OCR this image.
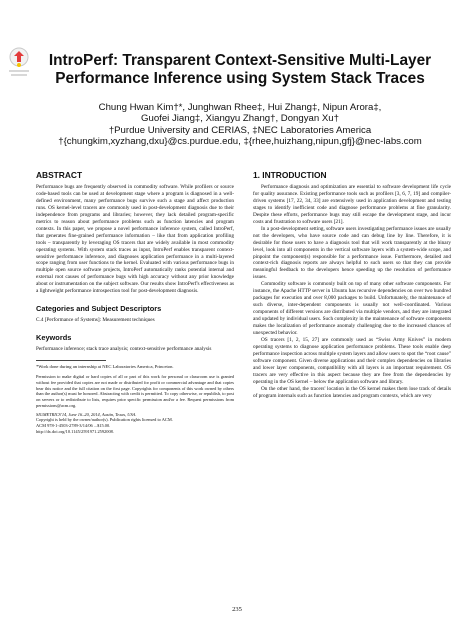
IntroPerf: Transparent Context-Sensitive Multi-Layer
Performance Inference using System Stack Traces
Chung Hwan Kim†*, Junghwan Rhee‡, Hui Zhang‡, Nipun Arora‡,
Guofei Jiang‡, Xiangyu Zhang†, Dongyan Xu†
†Purdue University and CERIAS, ‡NEC Laboratories America
†{chungkim,xyzhang,dxu}@cs.purdue.edu, ‡{rhee,huizhang,nipun,gfj}@nec-labs.com
ABSTRACT

Performance bugs are frequently observed in commodity software. While profilers or source code-based tools can be used at development stage where a program is diagnosed in a well-defined environment, many performance bugs survive such a stage and affect production runs. OS kernel-level tracers are commonly used in post-development diagnosis due to their independence from programs and libraries; however, they lack detailed program-specific metrics to reason about performance problems such as function latencies and program contexts. In this paper, we propose a novel performance inference system, called IntroPerf, that generates fine-grained performance information – like that from application profiling tools – transparently by leveraging OS tracers that are widely available in most commodity operating systems. With system stack traces as input, IntroPerf enables transparent context-sensitive performance inference, and diagnoses application performance in a multi-layered scope ranging from user functions to the kernel. Evaluated with various performance bugs in multiple open source software projects, IntroPerf automatically ranks potential internal and external root causes of performance bugs with high accuracy without any prior knowledge about or instrumentation on the subject software. Our results show IntroPerf's effectiveness as a lightweight performance introspection tool for post-development diagnosis.

Categories and Subject Descriptors

C.4 [Performance of Systems]: Measurement techniques

Keywords

Performance inference; stack trace analysis; context-sensitive performance analysis

*Work done during an internship at NEC Laboratories America, Princeton.

Permission to make digital or hard copies of all or part of this work for personal or classroom use is granted without fee provided that copies are not made or distributed for profit or commercial advantage and that copies bear this notice and the full citation on the first page. Copyrights for components of this work owned by others than the author(s) must be honored. Abstracting with credit is permitted. To copy otherwise, or republish, to post on servers or to redistribute to lists, requires prior specific permission and/or a fee. Request permissions from permissions@acm.org.

SIGMETRICS'14, June 16–20, 2014, Austin, Texas, USA.
Copyright is held by the owner/author(s). Publication rights licensed to ACM.
ACM 978-1-4503-2789-3/14/06 ...$15.00.
http://dx.doi.org/10.1145/2591971.2592008.
1. INTRODUCTION

Performance diagnosis and optimization are essential to software development life cycle for quality assurance. Existing performance tools such as profilers [3, 6, 7, 19] and compiler-driven systems [17, 22, 34, 33] are extensively used in application development and testing stages to identify inefficient code and diagnose performance problems at fine granularity. Despite these efforts, performance bugs may still escape the development stage, and incur costs and frustration to software users [21].

In a post-development setting, software users investigating performance issues are usually not the developers, who have source code and can debug line by line. Therefore, it is desirable for those users to have a diagnosis tool that will work transparently at the binary level, look into all components in the vertical software layers with a system-wide scope, and pinpoint the component(s) responsible for a performance issue. Furthermore, detailed and context-rich diagnosis reports are always helpful to such users so that they can provide meaningful feedback to the developers hence speeding up the resolution of performance issues.

Commodity software is commonly built on top of many other software components. For instance, the Apache HTTP server in Ubuntu has recursive dependencies on over two hundred packages for execution and over 8,000 packages to build. Unfortunately, the maintenance of such diverse, inter-dependent components is usually not well-coordinated. Various components of different versions are distributed via multiple vendors, and they are integrated and updated by individual users. Such complexity in the maintenance of software components makes the localization of performance anomaly challenging due to the increased chances of unexpected behavior.

OS tracers [1, 2, 15, 27] are commonly used as “Swiss Army Knives” in modern operating systems to diagnose application performance problems. These tools enable deep performance inspection across multiple system layers and allow users to spot the “root cause” software component. Given diverse applications and their complex dependencies on libraries and lower layer components, compatibility with all layers is an important requirement. OS tracers are very effective in this aspect because they are free from the dependencies by operating in the OS kernel – below the application software and library.

On the other hand, the tracers' location in the OS kernel makes them lose track of details of program internals such as function latencies and program contexts, which are very

235
